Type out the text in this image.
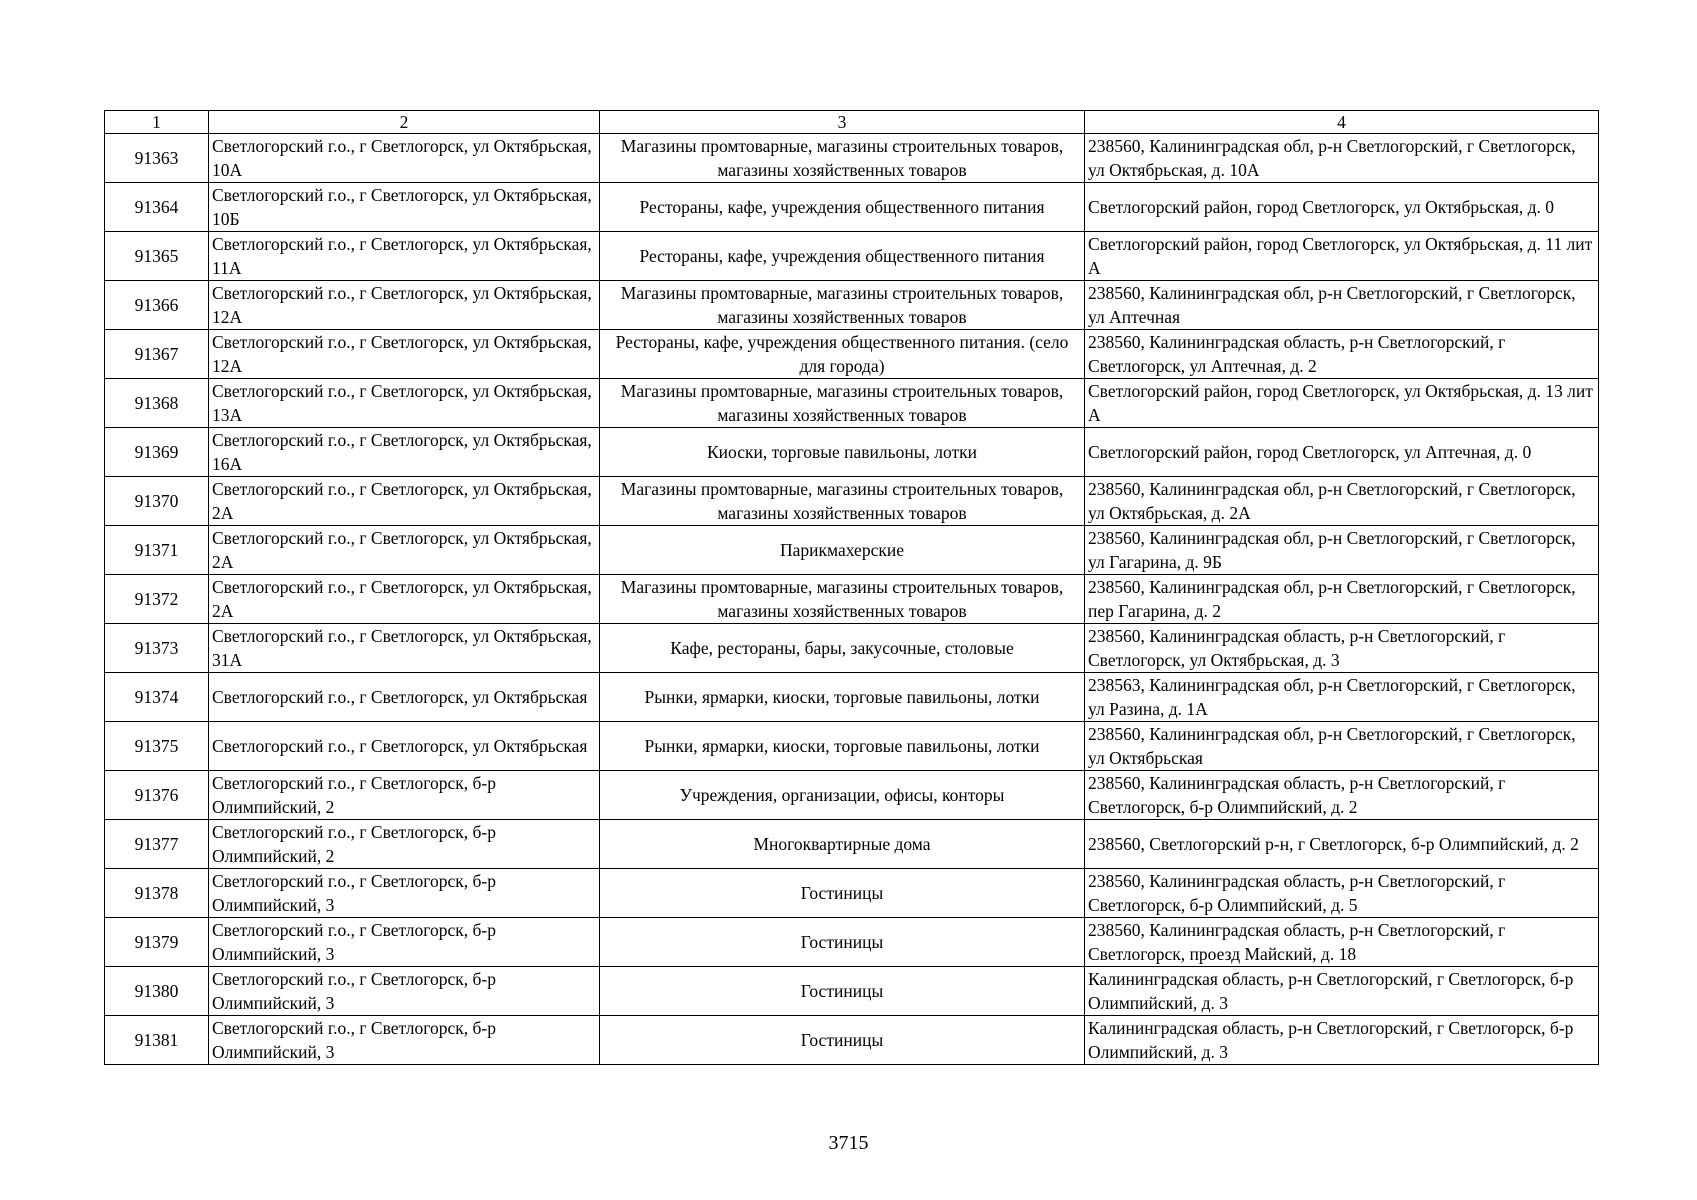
1	2	3	4
91363	Светлогорский г.о., г Светлогорск, ул Октябрьская, 10А	Магазины промтоварные, магазины строительных товаров, магазины хозяйственных товаров	238560, Калининградская обл, р-н Светлогорский, г Светлогорск, ул Октябрьская, д. 10А
91364	Светлогорский г.о., г Светлогорск, ул Октябрьская, 10Б	Рестораны, кафе, учреждения общественного питания	Светлогорский район, город Светлогорск, ул Октябрьская, д. 0
91365	Светлогорский г.о., г Светлогорск, ул Октябрьская, 11А	Рестораны, кафе, учреждения общественного питания	Светлогорский район, город Светлогорск, ул Октябрьская, д. 11 лит А
91366	Светлогорский г.о., г Светлогорск, ул Октябрьская, 12А	Магазины промтоварные, магазины строительных товаров, магазины хозяйственных товаров	238560, Калининградская обл, р-н Светлогорский, г Светлогорск, ул Аптечная
91367	Светлогорский г.о., г Светлогорск, ул Октябрьская, 12А	Рестораны, кафе, учреждения общественного питания. (село для города)	238560, Калининградская область, р-н Светлогорский, г Светлогорск, ул Аптечная, д. 2
91368	Светлогорский г.о., г Светлогорск, ул Октябрьская, 13А	Магазины промтоварные, магазины строительных товаров, магазины хозяйственных товаров	Светлогорский район, город Светлогорск, ул Октябрьская, д. 13 лит А
91369	Светлогорский г.о., г Светлогорск, ул Октябрьская, 16А	Киоски, торговые павильоны, лотки	Светлогорский район, город Светлогорск, ул Аптечная, д. 0
91370	Светлогорский г.о., г Светлогорск, ул Октябрьская, 2А	Магазины промтоварные, магазины строительных товаров, магазины хозяйственных товаров	238560, Калининградская обл, р-н Светлогорский, г Светлогорск, ул Октябрьская, д. 2А
91371	Светлогорский г.о., г Светлогорск, ул Октябрьская, 2А	Парикмахерские	238560, Калининградская обл, р-н Светлогорский, г Светлогорск, ул Гагарина, д. 9Б
91372	Светлогорский г.о., г Светлогорск, ул Октябрьская, 2А	Магазины промтоварные, магазины строительных товаров, магазины хозяйственных товаров	238560, Калининградская обл, р-н Светлогорский, г Светлогорск, пер Гагарина, д. 2
91373	Светлогорский г.о., г Светлогорск, ул Октябрьская, 31А	Кафе, рестораны, бары, закусочные, столовые	238560, Калининградская область, р-н Светлогорский, г Светлогорск, ул Октябрьская, д. 3
91374	Светлогорский г.о., г Светлогорск, ул Октябрьская	Рынки, ярмарки, киоски, торговые павильоны, лотки	238563, Калининградская обл, р-н Светлогорский, г Светлогорск, ул Разина, д. 1А
91375	Светлогорский г.о., г Светлогорск, ул Октябрьская	Рынки, ярмарки, киоски, торговые павильоны, лотки	238560, Калининградская обл, р-н Светлогорский, г Светлогорск, ул Октябрьская
91376	Светлогорский г.о., г Светлогорск, б-р Олимпийский, 2	Учреждения, организации, офисы, конторы	238560, Калининградская область, р-н Светлогорский, г Светлогорск, б-р Олимпийский, д. 2
91377	Светлогорский г.о., г Светлогорск, б-р Олимпийский, 2	Многоквартирные дома	238560, Светлогорский р-н, г Светлогорск, б-р Олимпийский, д. 2
91378	Светлогорский г.о., г Светлогорск, б-р Олимпийский, 3	Гостиницы	238560, Калининградская область, р-н Светлогорский, г Светлогорск, б-р Олимпийский, д. 5
91379	Светлогорский г.о., г Светлогорск, б-р Олимпийский, 3	Гостиницы	238560, Калининградская область, р-н Светлогорский, г Светлогорск, проезд Майский, д. 18
91380	Светлогорский г.о., г Светлогорск, б-р Олимпийский, 3	Гостиницы	Калининградская область, р-н Светлогорский, г Светлогорск, б-р Олимпийский, д. 3
91381	Светлогорский г.о., г Светлогорск, б-р Олимпийский, 3	Гостиницы	Калининградская область, р-н Светлогорский, г Светлогорск, б-р Олимпийский, д. 3
3715
